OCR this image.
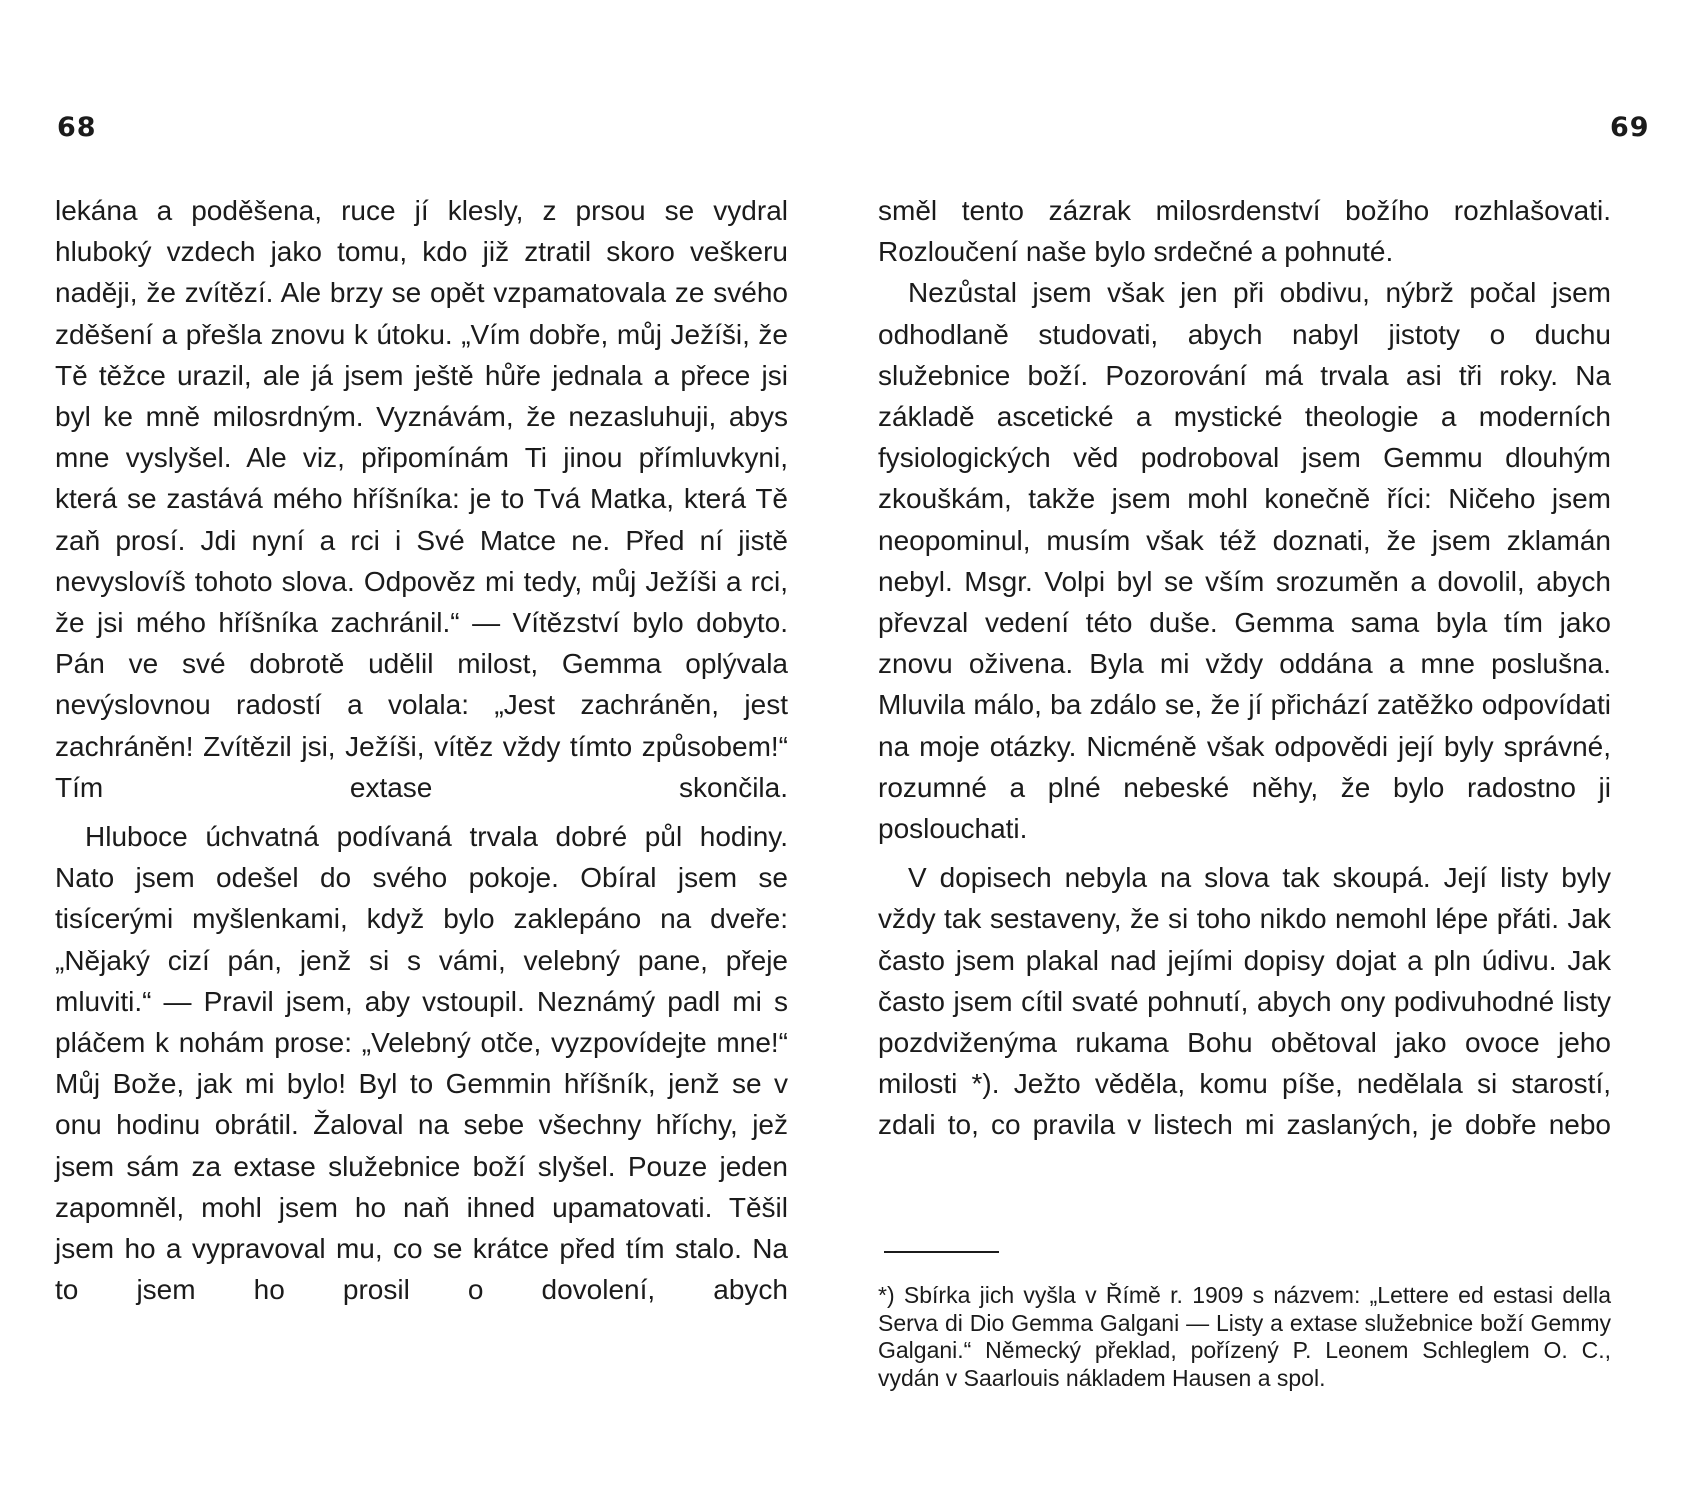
68

lekána a poděšena, ruce jí klesly, z prsou se vydral hluboký vzdech jako tomu, kdo již ztratil skoro veškeru naději, že zvítězí. Ale brzy se opět vzpamatovala ze svého zděšení a přešla znovu k útoku. „Vím dobře, můj Ježíši, že Tě těžce urazil, ale já jsem ještě hůře jednala a přece jsi byl ke mně milosrdným. Vyznávám, že nezasluhuji, abys mne vyslyšel. Ale viz, připomínám Ti jinou přímluvkyni, která se zastává mého hříšníka: je to Tvá Matka, která Tě zaň prosí. Jdi nyní a rci i Své Matce ne. Před ní jistě nevyslovíš tohoto slova. Odpověz mi tedy, můj Ježíši a rci, že jsi mého hříšníka zachránil.“ — Vítězství bylo dobyto. Pán ve své dobrotě udělil milost, Gemma oplývala nevýslovnou radostí a volala: „Jest zachráněn, jest zachráněn! Zvítězil jsi, Ježíši, vítěz vždy tímto způsobem!“ Tím extase skončila.

Hluboce úchvatná podívaná trvala dobré půl hodiny. Nato jsem odešel do svého pokoje. Obíral jsem se tisícerými myšlenkami, když bylo zaklepáno na dveře: „Nějaký cizí pán, jenž si s vámi, velebný pane, přeje mluviti.“ — Pravil jsem, aby vstoupil. Neznámý padl mi s pláčem k nohám prose: „Velebný otče, vyzpovídejte mne!“ Můj Bože, jak mi bylo! Byl to Gemmin hříšník, jenž se v onu hodinu obrátil. Žaloval na sebe všechny hříchy, jež jsem sám za extase služebnice boží slyšel. Pouze jeden zapomněl, mohl jsem ho naň ihned upamatovati. Těšil jsem ho a vypravoval mu, co se krátce před tím stalo. Na to jsem ho prosil o dovolení, abych

69

směl tento zázrak milosrdenství božího rozhlašovati. Rozloučení naše bylo srdečné a pohnuté.

Nezůstal jsem však jen při obdivu, nýbrž počal jsem odhodlaně studovati, abych nabyl jistoty o duchu služebnice boží. Pozorování má trvala asi tři roky. Na základě ascetické a mystické theologie a moderních fysiologických věd podroboval jsem Gemmu dlouhým zkouškám, takže jsem mohl konečně říci: Ničeho jsem neopominul, musím však též doznati, že jsem zklamán nebyl. Msgr. Volpi byl se vším srozuměn a dovolil, abych převzal vedení této duše. Gemma sama byla tím jako znovu oživena. Byla mi vždy oddána a mne poslušna. Mluvila málo, ba zdálo se, že jí přichází zatěžko odpovídati na moje otázky. Nicméně však odpovědi její byly správné, rozumné a plné nebeské něhy, že bylo radostno ji poslouchati.

V dopisech nebyla na slova tak skoupá. Její listy byly vždy tak sestaveny, že si toho nikdo nemohl lépe přáti. Jak často jsem plakal nad jejími dopisy dojat a pln údivu. Jak často jsem cítil svaté pohnutí, abych ony podivuhodné listy pozdviženýma rukama Bohu obětoval jako ovoce jeho milosti *). Ježto věděla, komu píše, nedělala si starostí, zdali to, co pravila v listech mi zaslaných, je dobře nebo

*) Sbírka jich vyšla v Římě r. 1909 s názvem: „Lettere ed estasi della Serva di Dio Gemma Galgani — Listy a extase služebnice boží Gemmy Galgani.“ Německý překlad, pořízený P. Leonem Schleglem O. C., vydán v Saarlouis nákladem Hausen a spol.
